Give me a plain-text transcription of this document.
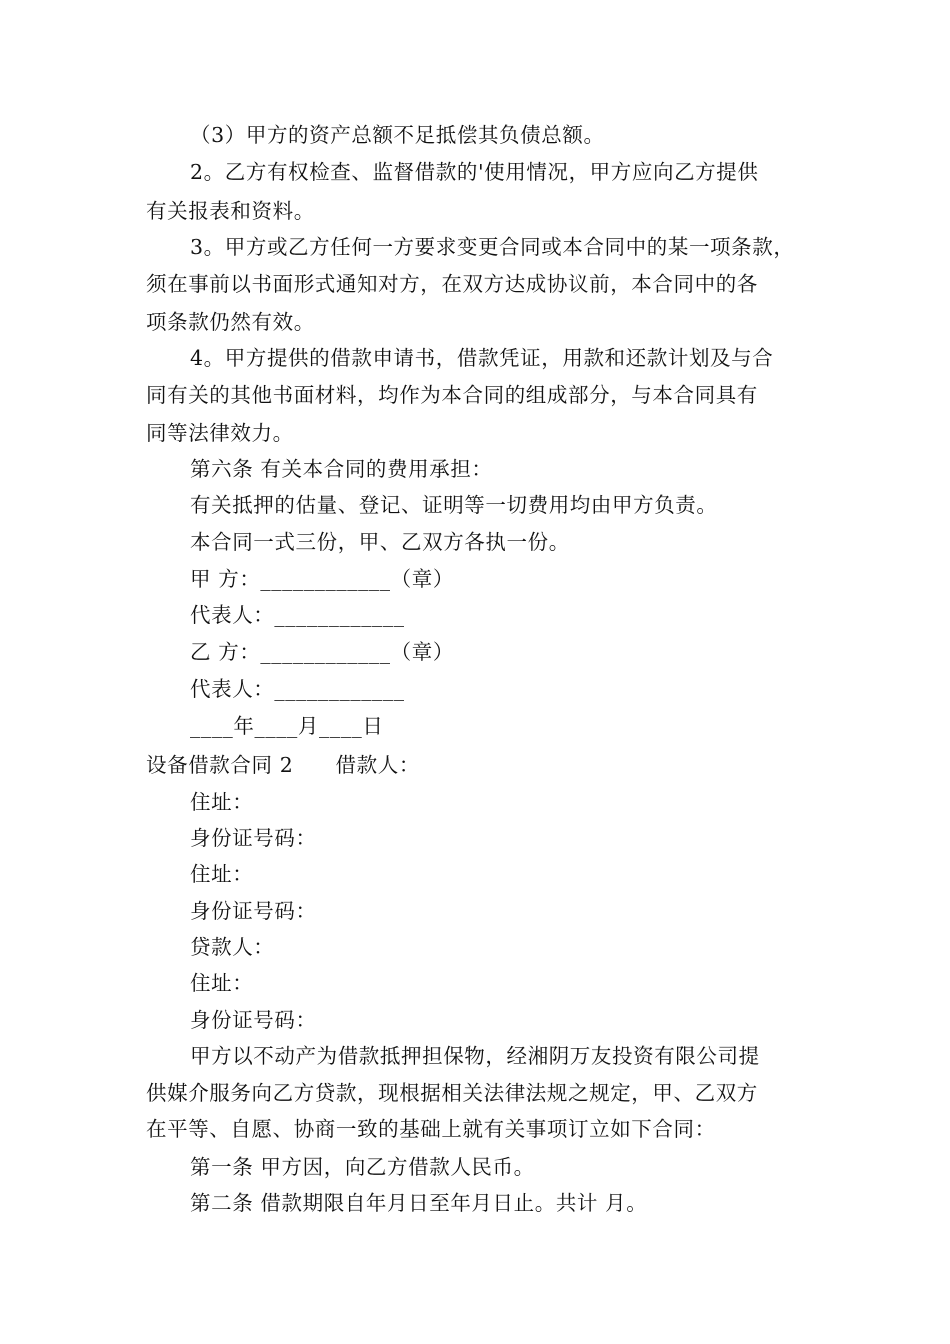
（3）甲方的资产总额不足抵偿其负债总额。
2。乙方有权检查、监督借款的'使用情况，甲方应向乙方提供
有关报表和资料。
3。甲方或乙方任何一方要求变更合同或本合同中的某一项条款，
须在事前以书面形式通知对方，在双方达成协议前，本合同中的各
项条款仍然有效。
4。甲方提供的借款申请书，借款凭证，用款和还款计划及与合
同有关的其他书面材料，均作为本合同的组成部分，与本合同具有
同等法律效力。
第六条 有关本合同的费用承担：
有关抵押的估量、登记、证明等一切费用均由甲方负责。
本合同一式三份，甲、乙双方各执一份。
甲 方：____________（章）
代表人：____________
乙 方：____________（章）
代表人：____________
____年____月____日
设备借款合同 2　　借款人：
住址：
身份证号码：
住址：
身份证号码：
贷款人：
住址：
身份证号码：
甲方以不动产为借款抵押担保物，经湘阴万友投资有限公司提
供媒介服务向乙方贷款，现根据相关法律法规之规定，甲、乙双方
在平等、自愿、协商一致的基础上就有关事项订立如下合同：
第一条 甲方因，向乙方借款人民币。
第二条 借款期限自年月日至年月日止。共计 月。
